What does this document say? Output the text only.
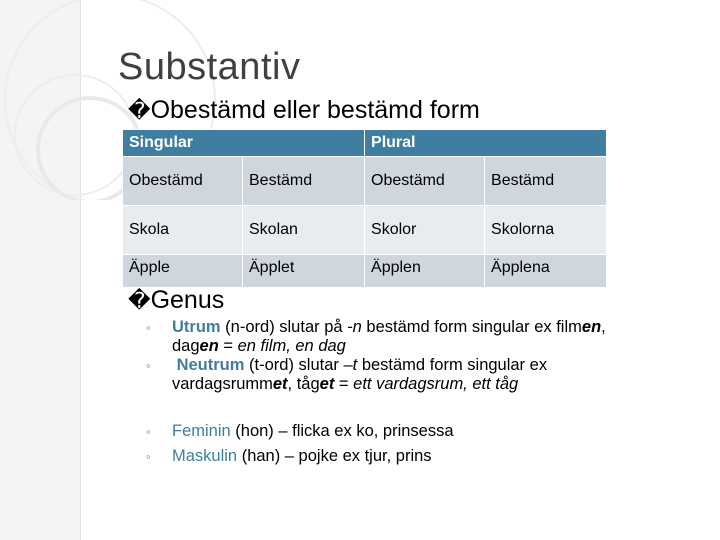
Substantiv
�Obestämd eller bestämd form
Singular		Plural	
Obestämd	Bestämd	Obestämd	Bestämd
Skola	Skolan	Skolor	Skolorna
Äpple	Äpplet	Äpplen	Äpplena
�Genus
◦ Utrum (n-ord) slutar på -n bestämd form singular ex filmen,
dagen = en film, en dag
◦ Neutrum (t-ord) slutar –t bestämd form singular ex
vardagsrummet, tåget = ett vardagsrum, ett tåg
◦ Feminin (hon) – flicka ex ko, prinsessa
◦ Maskulin (han) – pojke ex tjur, prins
